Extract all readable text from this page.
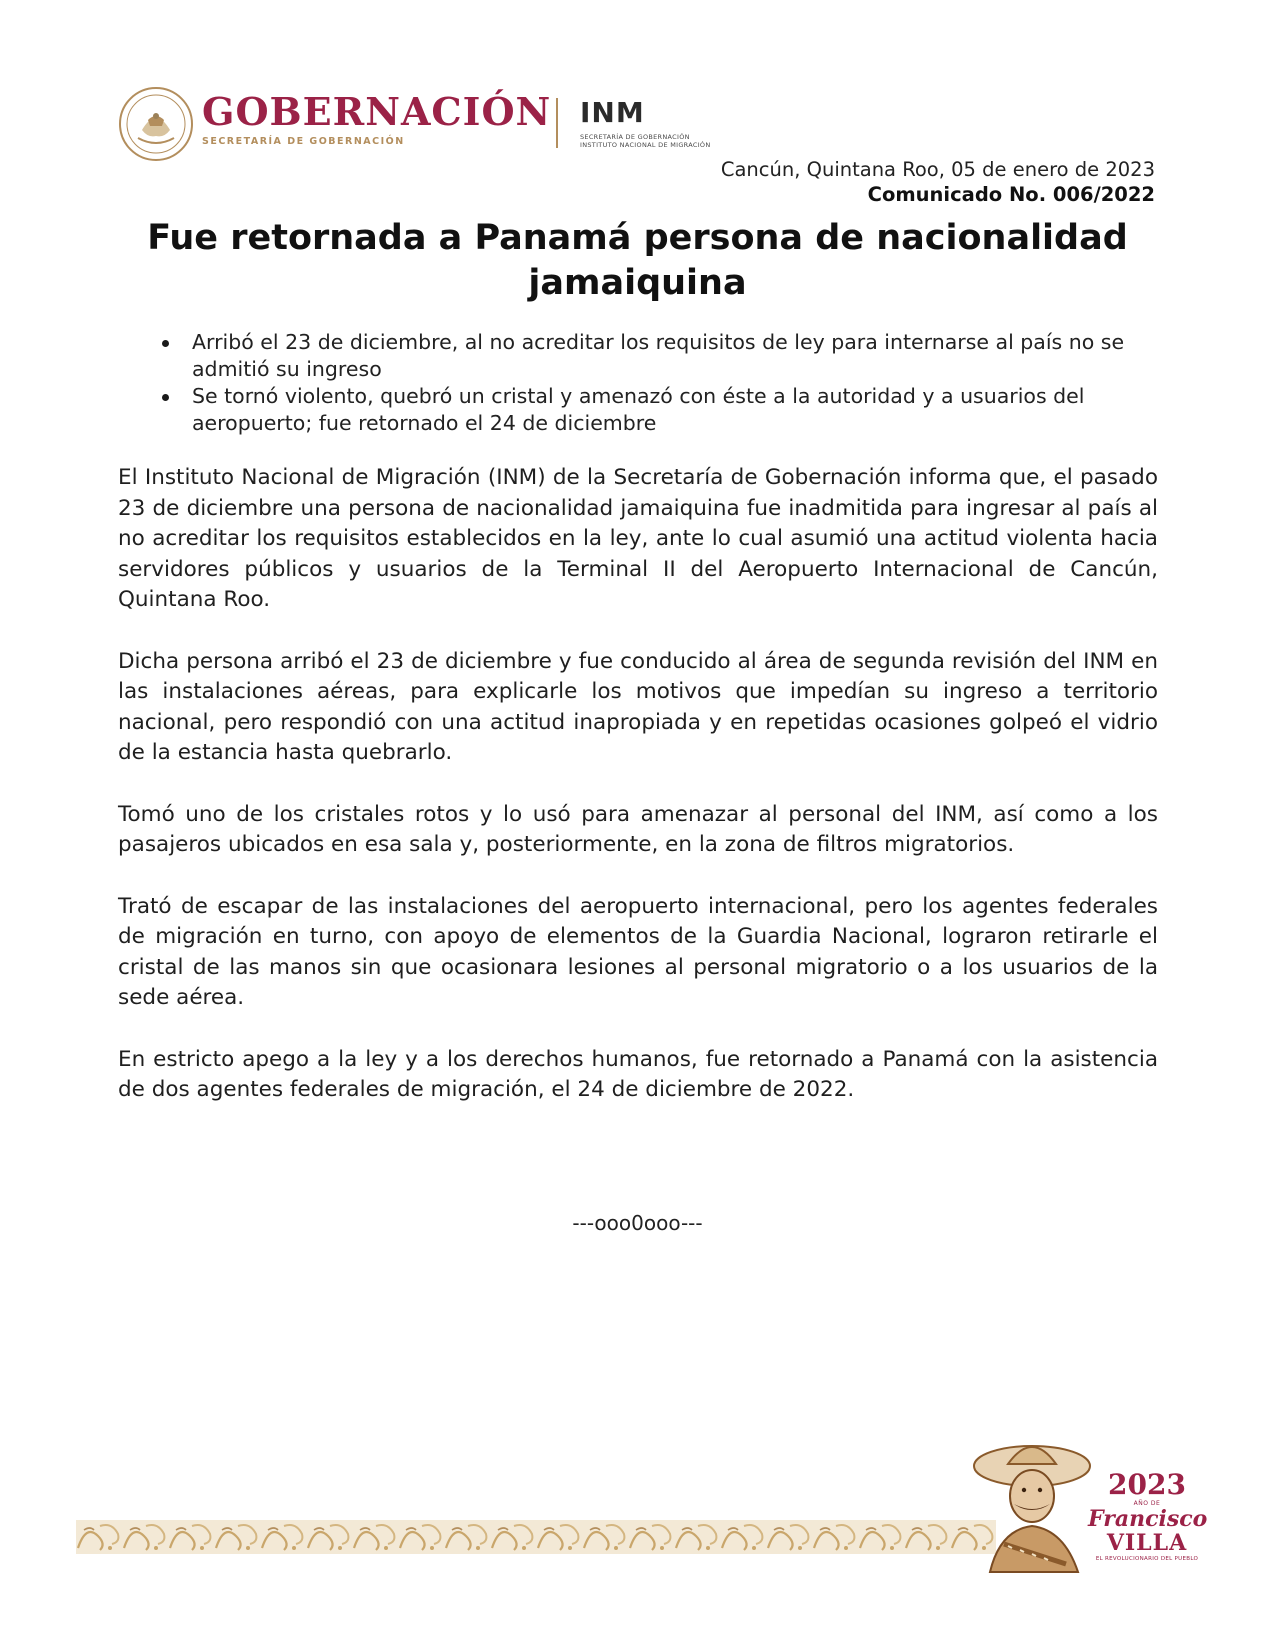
GOBERNACIÓN
SECRETARÍA DE GOBERNACIÓN
INM
SECRETARÍA DE GOBERNACIÓN
INSTITUTO NACIONAL DE MIGRACIÓN
Cancún, Quintana Roo, 05 de enero de 2023
Comunicado No. 006/2022
Fue retornada a Panamá persona de nacionalidad jamaiquina
Arribó el 23 de diciembre, al no acreditar los requisitos de ley para internarse al país no se admitió su ingreso
Se tornó violento, quebró un cristal y amenazó con éste a la autoridad y a usuarios del aeropuerto; fue retornado el 24 de diciembre

El Instituto Nacional de Migración (INM) de la Secretaría de Gobernación informa que, el pasado 23 de diciembre una persona de nacionalidad jamaiquina fue inadmitida para ingresar al país al no acreditar los requisitos establecidos en la ley, ante lo cual asumió una actitud violenta hacia servidores públicos y usuarios de la Terminal II del Aeropuerto Internacional de Cancún, Quintana Roo.

Dicha persona arribó el 23 de diciembre y fue conducido al área de segunda revisión del INM en las instalaciones aéreas, para explicarle los motivos que impedían su ingreso a territorio nacional, pero respondió con una actitud inapropiada y en repetidas ocasiones golpeó el vidrio de la estancia hasta quebrarlo.

Tomó uno de los cristales rotos y lo usó para amenazar al personal del INM, así como a los pasajeros ubicados en esa sala y, posteriormente, en la zona de filtros migratorios.

Trató de escapar de las instalaciones del aeropuerto internacional, pero los agentes federales de migración en turno, con apoyo de elementos de la Guardia Nacional, lograron retirarle el cristal de las manos sin que ocasionara lesiones al personal migratorio o a los usuarios de la sede aérea.

En estricto apego a la ley y a los derechos humanos, fue retornado a Panamá con la asistencia de dos agentes federales de migración, el 24 de diciembre de 2022.

---ooo0ooo---
2023
AÑO DE
Francisco
VILLA
EL REVOLUCIONARIO DEL PUEBLO
